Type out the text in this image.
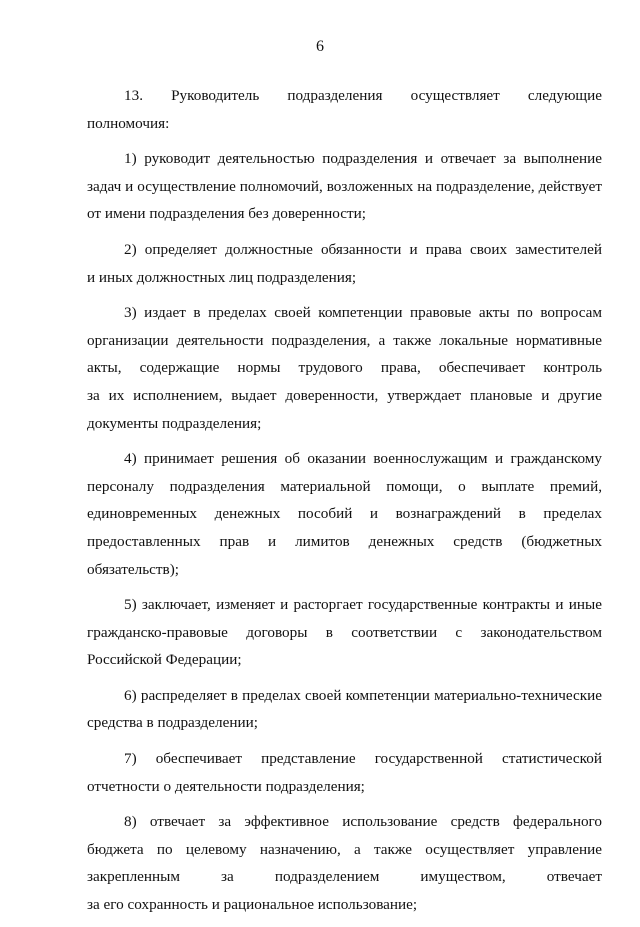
6
13. Руководитель подразделения осуществляет следующие
полномочия:
1) руководит деятельностью подразделения и отвечает за выполнение
задач и осуществление полномочий, возложенных на подразделение, действует
от имени подразделения без доверенности;
2) определяет должностные обязанности и права своих заместителей
и иных должностных лиц подразделения;
3) издает в пределах своей компетенции правовые акты по вопросам
организации деятельности подразделения, а также локальные нормативные
акты, содержащие нормы трудового права, обеспечивает контроль
за их исполнением, выдает доверенности, утверждает плановые и другие
документы подразделения;
4) принимает решения об оказании военнослужащим и гражданскому
персоналу подразделения материальной помощи, о выплате премий,
единовременных денежных пособий и вознаграждений в пределах
предоставленных прав и лимитов денежных средств (бюджетных
обязательств);
5) заключает, изменяет и расторгает государственные контракты и иные
гражданско-правовые договоры в соответствии с законодательством
Российской Федерации;
6) распределяет в пределах своей компетенции материально-технические
средства в подразделении;
7) обеспечивает представление государственной статистической
отчетности о деятельности подразделения;
8) отвечает за эффективное использование средств федерального
бюджета по целевому назначению, а также осуществляет управление
закрепленным за подразделением имуществом, отвечает
за его сохранность и рациональное использование;
